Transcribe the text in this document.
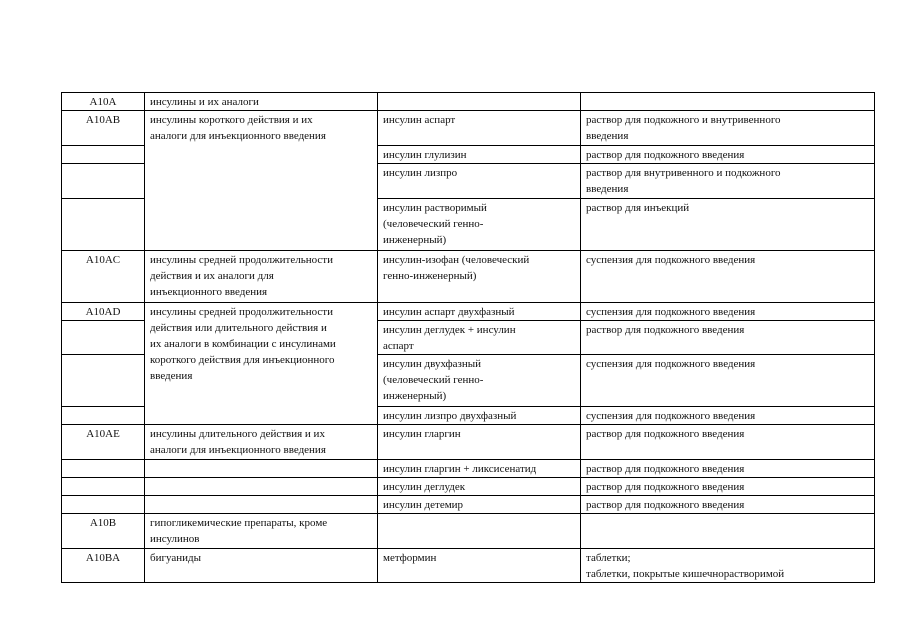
A10A	инсулины и их аналоги		
A10AB	инсулины короткого действия и их
аналоги для инъекционного введения	инсулин аспарт	раствор для подкожного и внутривенного
введения
		инсулин глулизин	раствор для подкожного введения
		инсулин лизпро	раствор для внутривенного и подкожного
введения
		инсулин растворимый
(человеческий генно-
инженерный)	раствор для инъекций
A10AC	инсулины средней продолжительности
действия и их аналоги для
инъекционного введения	инсулин-изофан (человеческий
генно-инженерный)	суспензия для подкожного введения
A10AD	инсулины средней продолжительности
действия или длительного действия и
их аналоги в комбинации с инсулинами
короткого действия для инъекционного
введения	инсулин аспарт двухфазный	суспензия для подкожного введения
		инсулин деглудек + инсулин
аспарт	раствор для подкожного введения
		инсулин двухфазный
(человеческий генно-
инженерный)	суспензия для подкожного введения
		инсулин лизпро двухфазный	суспензия для подкожного введения
A10AE	инсулины длительного действия и их
аналоги для инъекционного введения	инсулин гларгин	раствор для подкожного введения
		инсулин гларгин + ликсисенатид	раствор для подкожного введения
		инсулин деглудек	раствор для подкожного введения
		инсулин детемир	раствор для подкожного введения
A10B	гипогликемические препараты, кроме
инсулинов		
A10BA	бигуаниды	метформин	таблетки;
таблетки, покрытые кишечнорастворимой
